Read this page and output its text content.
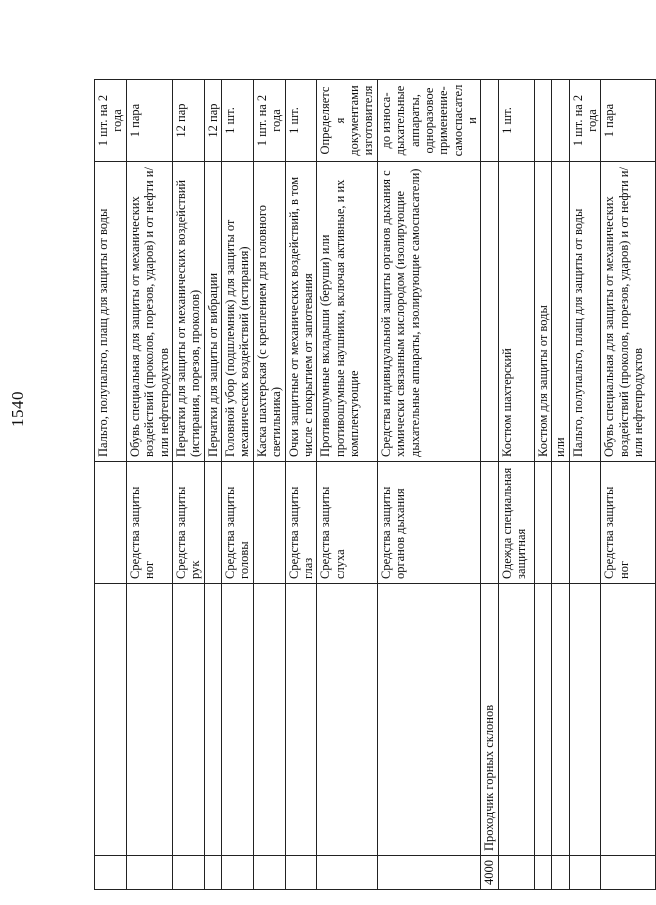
1540
				Пальто, полупальто, плащ для защиты от воды	1 шт. на 2 года
		Средства защиты ног	Обувь специальная для защиты от механических воздействий (проколов, порезов, ударов) и от нефти и/или нефтепродуктов	1 пара
		Средства защиты рук	Перчатки для защиты от механических воздействий (истирания, порезов, проколов)	12 пар
			Перчатки для защиты от вибрации	12 пар
		Средства защиты головы	Головной убор (подшлемник) для защиты от механических воздействий (истирания)	1 шт.
			Каска шахтерская (с креплением для головного светильника)	1 шт. на 2 года
		Средства защиты глаз	Очки защитные от механических воздействий, в том числе с покрытием от запотевания	1 шт.
		Средства защиты слуха	Противошумные вкладыши (беруши) или противошумные наушники, включая активные, и их комплектующие	Определяется документами изготовителя
		Средства защиты органов дыхания	Средства индивидуальной защиты органов дыхания с химически связанным кислородом (изолирующие дыхательные аппараты, изолирующие самоспасатели)	до износа-дыхательные аппараты, одноразовое применение-самоспасатели
4000	Проходчик горных склонов			
		Одежда специальная защитная	Костюм шахтерский	1 шт.
			Костюм для защиты от воды	
			или	
			Пальто, полупальто, плащ для защиты от воды	1 шт. на 2 года
		Средства защиты ног	Обувь специальная для защиты от механических воздействий (проколов, порезов, ударов) и от нефти и/или нефтепродуктов	1 пара
